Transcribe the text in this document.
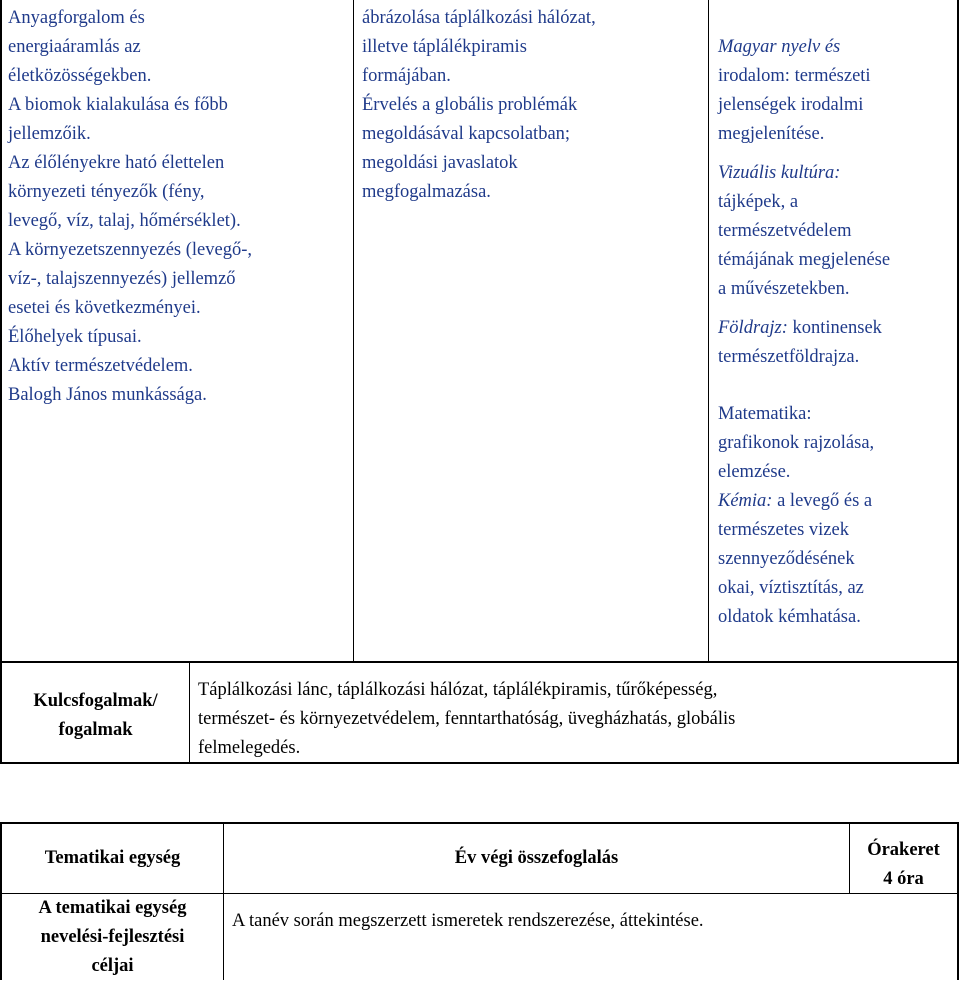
Anyagforgalom és
energiaáramlás az
életközösségekben.
A biomok kialakulása és főbb
jellemzőik.
Az élőlényekre ható élettelen
környezeti tényezők (fény,
levegő, víz, talaj, hőmérséklet).
A környezetszennyezés (levegő-,
víz-, talajszennyezés) jellemző
esetei és következményei.
Élőhelyek típusai.
Aktív természetvédelem.
Balogh János munkássága.
ábrázolása táplálkozási hálózat,
illetve táplálékpiramis
formájában.
Érvelés a globális problémák
megoldásával kapcsolatban;
megoldási javaslatok
megfogalmazása.
Magyar nyelv és
irodalom: természeti
jelenségek irodalmi
megjelenítése.
Vizuális kultúra:
tájképek, a
természetvédelem
témájának megjelenése
a művészetekben.
Földrajz: kontinensek
természetföldrajza.
Matematika:
grafikonok rajzolása,
elemzése.
Kémia: a levegő és a
természetes vizek
szennyeződésének
okai, víztisztítás, az
oldatok kémhatása.
Kulcsfogalmak/
fogalmak
Táplálkozási lánc, táplálkozási hálózat, táplálékpiramis, tűrőképesség,
természet- és környezetvédelem, fenntarthatóság, üvegházhatás, globális
felmelegedés.
Tematikai egység	Év végi összefoglalás	Órakeret
4 óra
A tematikai egység
nevelési-fejlesztési
céljai
A tanév során megszerzett ismeretek rendszerezése, áttekintése.
